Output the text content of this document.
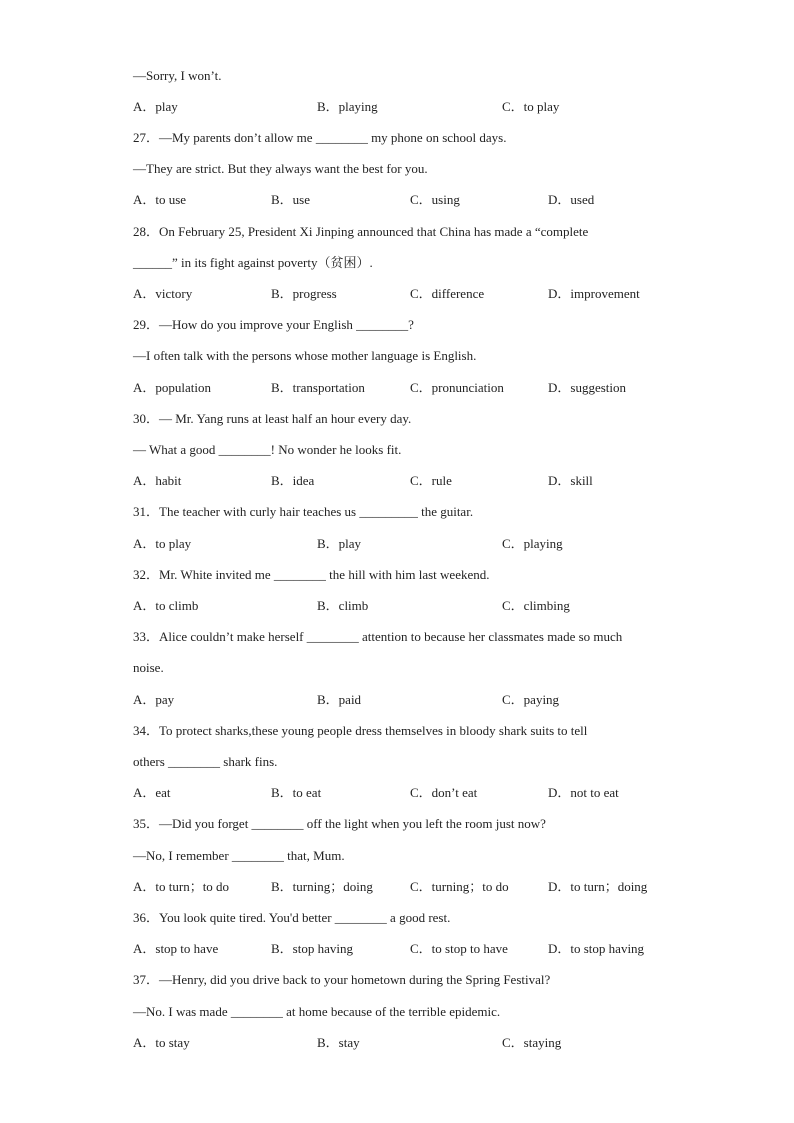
—Sorry, I won’t.
A．play	B．playing	C．to play
27．—My parents don’t allow me ________ my phone on school days.
—They are strict. But they always want the best for you.
A．to use	B．use	C．using	D．used
28．On February 25, President Xi Jinping announced that China has made a “complete
______” in its fight against poverty（贫困）.
A．victory	B．progress	C．difference	D．improvement
29．—How do you improve your English ________?
—I often talk with the persons whose mother language is English.
A．population	B．transportation	C．pronunciation	D．suggestion
30．— Mr. Yang runs at least half an hour every day.
— What a good ________! No wonder he looks fit.
A．habit	B．idea	C．rule	D．skill
31．The teacher with curly hair teaches us _________ the guitar.
A．to play	B．play	C．playing
32．Mr. White invited me ________ the hill with him last weekend.
A．to climb	B．climb	C．climbing
33．Alice couldn’t make herself ________ attention to because her classmates made so much
noise.
A．pay	B．paid	C．paying
34．To protect sharks,these young people dress themselves in bloody shark suits to tell
others ________ shark fins.
A．eat	B．to eat	C．don’t eat	D．not to eat
35．—Did you forget ________ off the light when you left the room just now?
—No, I remember ________ that, Mum.
A．to turn；to do	B．turning；doing	C．turning；to do	D．to turn；doing
36．You look quite tired. You'd better ________ a good rest.
A．stop to have	B．stop having	C．to stop to have	D．to stop having
37．—Henry, did you drive back to your hometown during the Spring Festival?
—No. I was made ________ at home because of the terrible epidemic.
A．to stay	B．stay	C．staying
